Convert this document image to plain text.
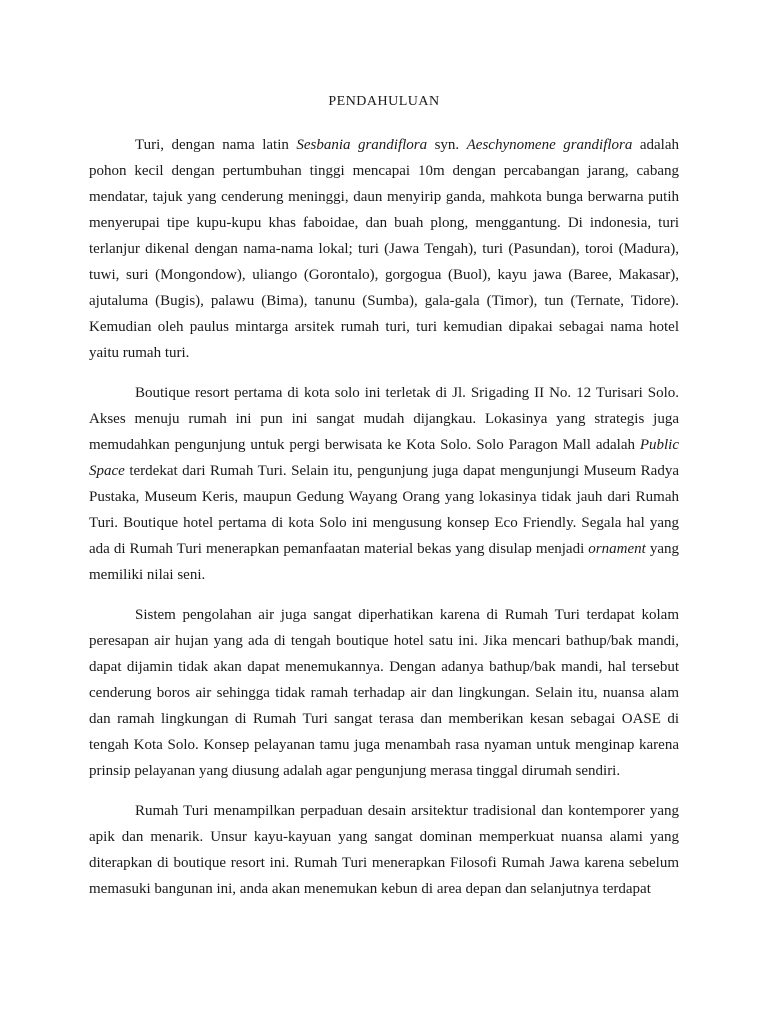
PENDAHULUAN

Turi, dengan nama latin Sesbania grandiflora syn. Aeschynomene grandiflora adalah pohon kecil dengan pertumbuhan tinggi mencapai 10m dengan percabangan jarang, cabang mendatar, tajuk yang cenderung meninggi, daun menyirip ganda, mahkota bunga berwarna putih menyerupai tipe kupu-kupu khas faboidae, dan buah plong, menggantung. Di indonesia, turi terlanjur dikenal dengan nama-nama lokal; turi (Jawa Tengah), turi (Pasundan), toroi (Madura), tuwi, suri (Mongondow), uliango (Gorontalo), gorgogua (Buol), kayu jawa (Baree, Makasar), ajutaluma (Bugis), palawu (Bima), tanunu (Sumba), gala-gala (Timor), tun (Ternate, Tidore). Kemudian oleh paulus mintarga arsitek rumah turi, turi kemudian dipakai sebagai nama hotel yaitu rumah turi.

Boutique resort pertama di kota solo ini terletak di Jl. Srigading II No. 12 Turisari Solo. Akses menuju rumah ini pun ini sangat mudah dijangkau. Lokasinya yang strategis juga memudahkan pengunjung untuk pergi berwisata ke Kota Solo. Solo Paragon Mall adalah Public Space terdekat dari Rumah Turi. Selain itu, pengunjung juga dapat mengunjungi Museum Radya Pustaka, Museum Keris, maupun Gedung Wayang Orang yang lokasinya tidak jauh dari Rumah Turi. Boutique hotel pertama di kota Solo ini mengusung konsep Eco Friendly. Segala hal yang ada di Rumah Turi menerapkan pemanfaatan material bekas yang disulap menjadi ornament yang memiliki nilai seni.

Sistem pengolahan air juga sangat diperhatikan karena di Rumah Turi terdapat kolam peresapan air hujan yang ada di tengah boutique hotel satu ini. Jika mencari bathup/bak mandi, dapat dijamin tidak akan dapat menemukannya. Dengan adanya bathup/bak mandi, hal tersebut cenderung boros air sehingga tidak ramah terhadap air dan lingkungan. Selain itu, nuansa alam dan ramah lingkungan di Rumah Turi sangat terasa dan memberikan kesan sebagai OASE di tengah Kota Solo. Konsep pelayanan tamu juga menambah rasa nyaman untuk menginap karena prinsip pelayanan yang diusung adalah agar pengunjung merasa tinggal dirumah sendiri.

Rumah Turi menampilkan perpaduan desain arsitektur tradisional dan kontemporer yang apik dan menarik. Unsur kayu-kayuan yang sangat dominan memperkuat nuansa alami yang diterapkan di boutique resort ini. Rumah Turi menerapkan Filosofi Rumah Jawa karena sebelum memasuki bangunan ini, anda akan menemukan kebun di area depan dan selanjutnya terdapat
